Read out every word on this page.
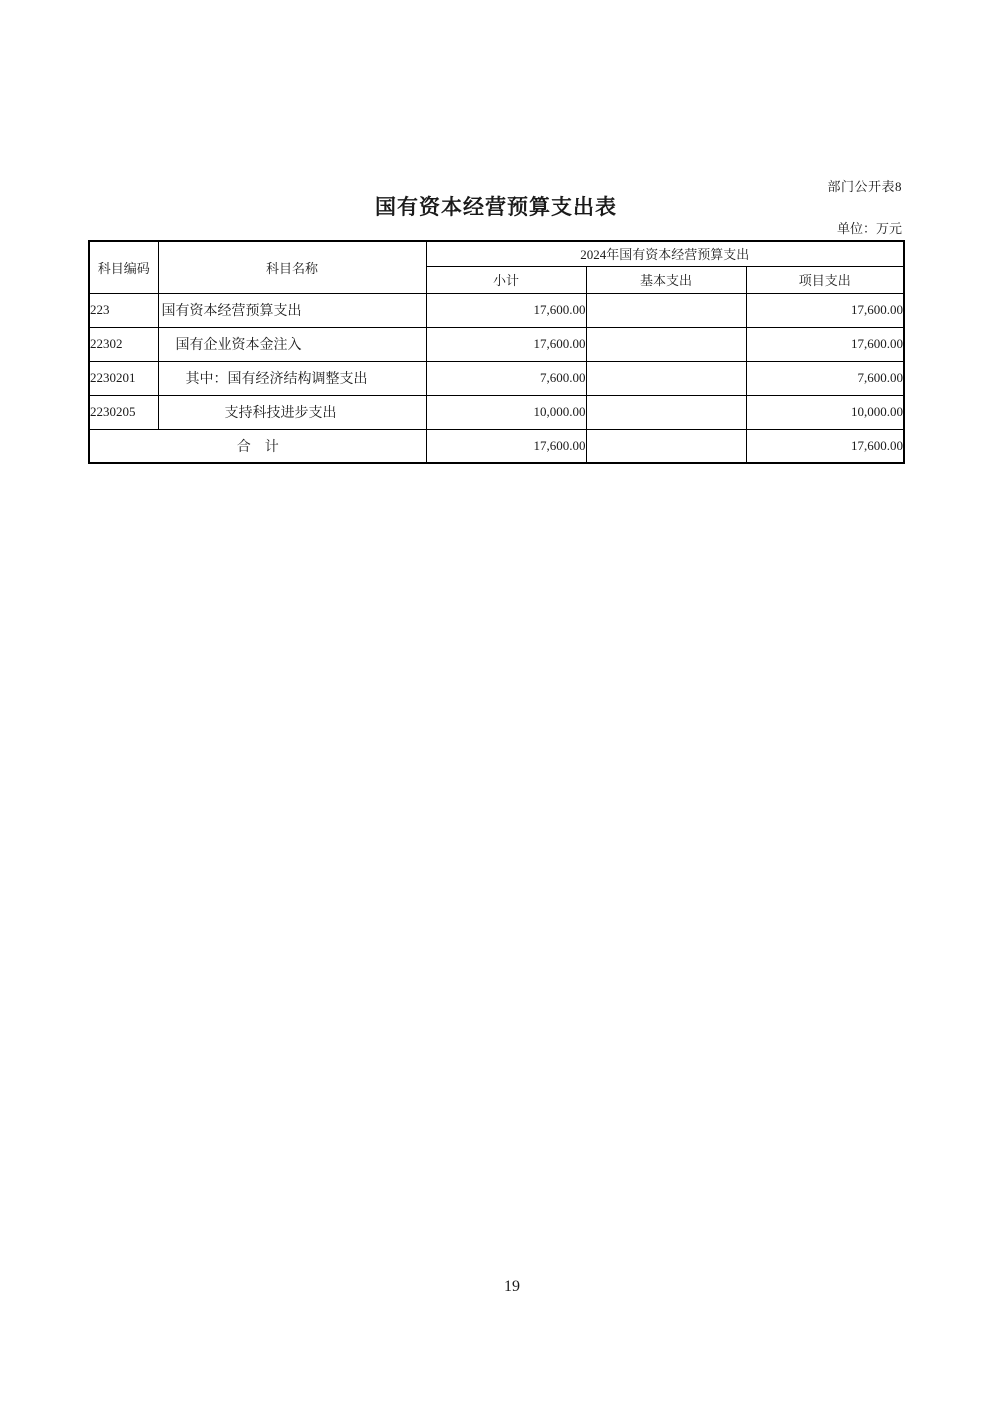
部门公开表8
国有资本经营预算支出表
单位：万元
科目编码	科目名称	2024年国有资本经营预算支出		
		小计	基本支出	项目支出
223	国有资本经营预算支出	17,600.00		17,600.00
22302	国有企业资本金注入	17,600.00		17,600.00
2230201	其中：国有经济结构调整支出	7,600.00		7,600.00
2230205	支持科技进步支出	10,000.00		10,000.00
合　计		17,600.00		17,600.00
19
